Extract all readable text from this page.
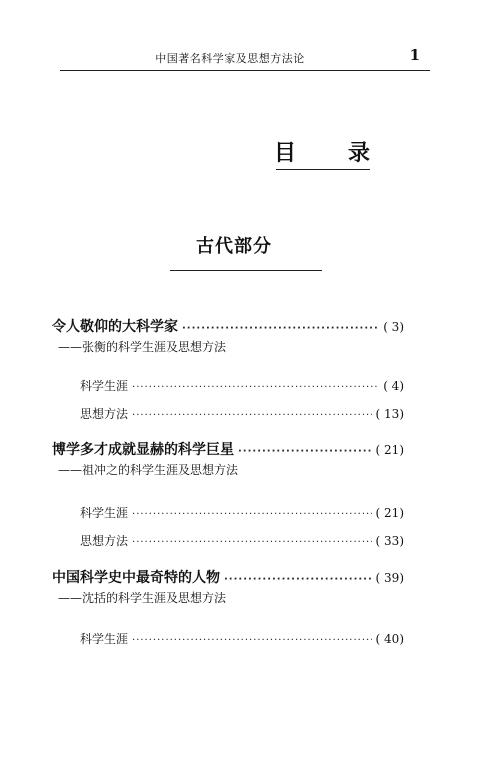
中国著名科学家及思想方法论	1
目 录
古代部分
令人敬仰的大科学家 ·····	( 3)
——张衡的科学生涯及思想方法
科学生涯 ·····	( 4)
思想方法 ·····	( 13)
博学多才成就显赫的科学巨星 ·····	( 21)
——祖冲之的科学生涯及思想方法
科学生涯 ·····	( 21)
思想方法 ·····	( 33)
中国科学史中最奇特的人物 ·····	( 39)
——沈括的科学生涯及思想方法
科学生涯 ·····	( 40)
